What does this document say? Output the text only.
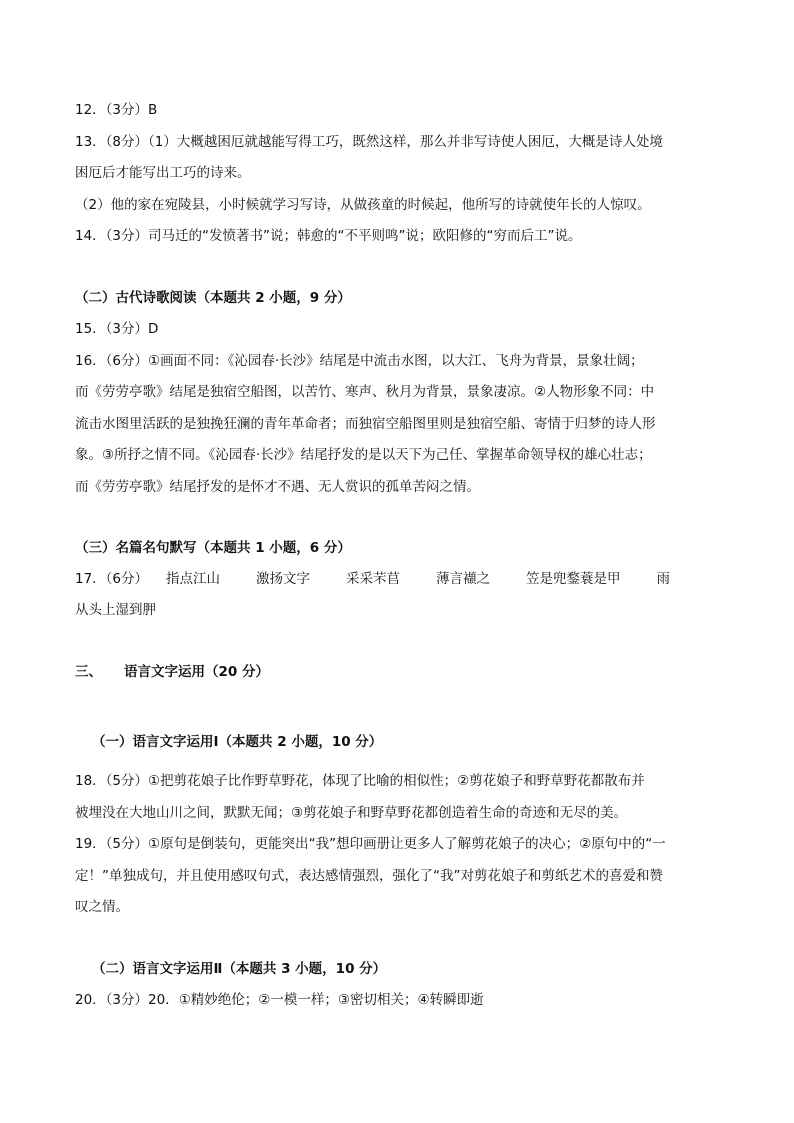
12．（3分）B
13．（8分）（1）大概越困厄就越能写得工巧，既然这样，那么并非写诗使人困厄，大概是诗人处境
困厄后才能写出工巧的诗来。
（2）他的家在宛陵县，小时候就学习写诗，从做孩童的时候起，他所写的诗就使年长的人惊叹。
14．（3分）司马迁的“发愤著书”说；韩愈的“不平则鸣”说；欧阳修的“穷而后工”说。
（二）古代诗歌阅读（本题共 2 小题，9 分）
15．（3分）D
16．（6分）①画面不同：《沁园春·长沙》结尾是中流击水图，以大江、飞舟为背景，景象壮阔；
而《劳劳亭歌》结尾是独宿空船图，以苦竹、寒声、秋月为背景，景象凄凉。②人物形象不同：中
流击水图里活跃的是独挽狂澜的青年革命者；而独宿空船图里则是独宿空船、寄情于归梦的诗人形
象。③所抒之情不同。《沁园春·长沙》结尾抒发的是以天下为己任、掌握革命领导权的雄心壮志；
而《劳劳亭歌》结尾抒发的是怀才不遇、无人赏识的孤单苦闷之情。
（三）名篇名句默写（本题共 1 小题，6 分）
17．（6分） 指点江山	激扬文字	采采芣苢	薄言襭之	笠是兜鍪蓑是甲	雨
从头上湿到胛
三、 语言文字运用（20 分）
（一）语言文字运用Ⅰ（本题共 2 小题，10 分）
18．（5分）①把剪花娘子比作野草野花，体现了比喻的相似性；②剪花娘子和野草野花都散布并
被埋没在大地山川之间，默默无闻；③剪花娘子和野草野花都创造着生命的奇迹和无尽的美。
19．（5分）①原句是倒装句，更能突出“我”想印画册让更多人了解剪花娘子的决心；②原句中的“一
定！”单独成句，并且使用感叹句式，表达感情强烈，强化了“我”对剪花娘子和剪纸艺术的喜爱和赞
叹之情。
（二）语言文字运用Ⅱ（本题共 3 小题，10 分）
20．（3分）20．①精妙绝伦；②一模一样；③密切相关；④转瞬即逝
